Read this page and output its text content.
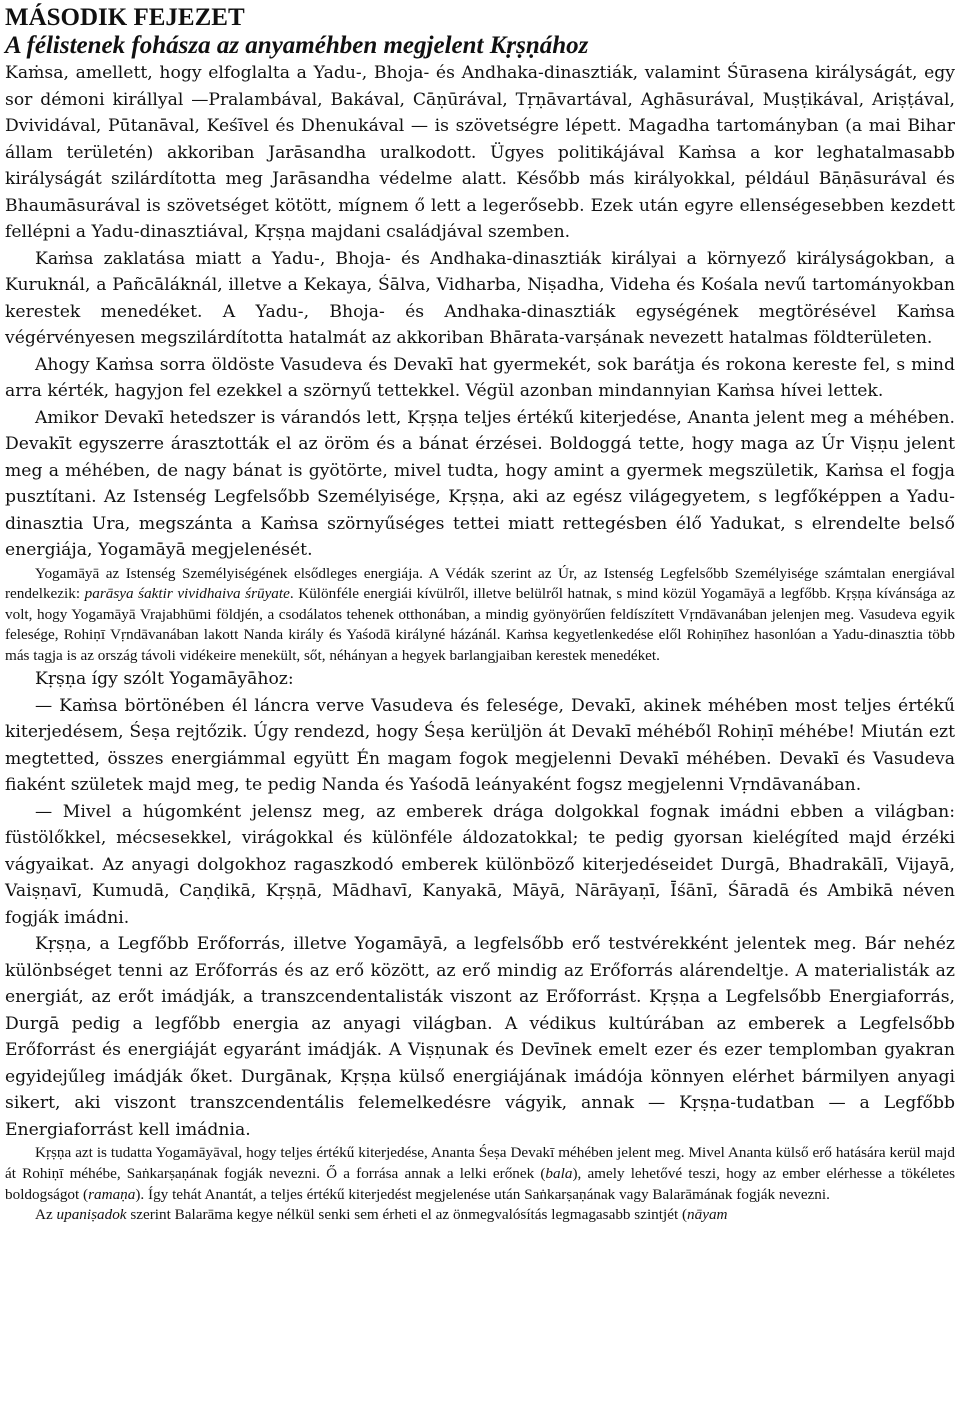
MÁSODIK FEJEZET
A félistenek fohásza az anyaméhben megjelent Kṛṣṇához

Kaṁsa, amellett, hogy elfoglalta a Yadu-, Bhoja- és Andhaka-dinasztiák, valamint Śūrasena királyságát, egy sor démoni királlyal —Pralambával, Bakával, Cāṇūrával, Tṛṇāvartával, Aghāsurával, Muṣṭikával, Ariṣṭával, Dvividával, Pūtanāval, Keśīvel és Dhenukával — is szövetségre lépett. Magadha tartományban (a mai Bihar állam területén) akkoriban Jarāsandha uralkodott. Ügyes politikájával Kaṁsa a kor leghatalmasabb királyságát szilárdította meg Jarāsandha védelme alatt. Később más királyokkal, például Bāṇāsurával és Bhaumāsurával is szövetséget kötött, mígnem ő lett a legerősebb. Ezek után egyre ellenségesebben kezdett fellépni a Yadu-dinasztiával, Kṛṣṇa majdani családjával szemben.

Kaṁsa zaklatása miatt a Yadu-, Bhoja- és Andhaka-dinasztiák királyai a környező királyságokban, a Kuruknál, a Pañcāláknál, illetve a Kekaya, Śālva, Vidharba, Niṣadha, Videha és Kośala nevű tartományokban kerestek menedéket. A Yadu-, Bhoja- és Andhaka-dinasztiák egységének megtörésével Kaṁsa végérvényesen megszilárdította hatalmát az akkoriban Bhārata-varṣának nevezett hatalmas földterületen.

Ahogy Kaṁsa sorra öldöste Vasudeva és Devakī hat gyermekét, sok barátja és rokona kereste fel, s mind arra kérték, hagyjon fel ezekkel a szörnyű tettekkel. Végül azonban mindannyian Kaṁsa hívei lettek.

Amikor Devakī hetedszer is várandós lett, Kṛṣṇa teljes értékű kiterjedése, Ananta jelent meg a méhében. Devakīt egyszerre árasztották el az öröm és a bánat érzései. Boldoggá tette, hogy maga az Úr Viṣṇu jelent meg a méhében, de nagy bánat is gyötörte, mivel tudta, hogy amint a gyermek megszületik, Kaṁsa el fogja pusztítani. Az Istenség Legfelsőbb Személyisége, Kṛṣṇa, aki az egész világegyetem, s legfőképpen a Yadu-dinasztia Ura, megszánta a Kaṁsa szörnyűséges tettei miatt rettegésben élő Yadukat, s elrendelte belső energiája, Yogamāyā megjelenését.

Yogamāyā az Istenség Személyiségének elsődleges energiája. A Védák szerint az Úr, az Istenség Legfelsőbb Személyisége számtalan energiával rendelkezik: parāsya śaktir vividhaiva śrūyate. Különféle energiái kívülről, illetve belülről hatnak, s mind közül Yogamāyā a legfőbb. Kṛṣṇa kívánsága az volt, hogy Yogamāyā Vrajabhūmi földjén, a csodálatos tehenek otthonában, a mindig gyönyörűen feldíszített Vṛndāvanában jelenjen meg. Vasudeva egyik felesége, Rohiṇī Vṛndāvanában lakott Nanda király és Yaśodā királyné házánál. Kaṁsa kegyetlenkedése elől Rohiṇīhez hasonlóan a Yadu-dinasztia több más tagja is az ország távoli vidékeire menekült, sőt, néhányan a hegyek barlangjaiban kerestek menedéket.

Kṛṣṇa így szólt Yogamāyāhoz:

— Kaṁsa börtönében él láncra verve Vasudeva és felesége, Devakī, akinek méhében most teljes értékű kiterjedésem, Śeṣa rejtőzik. Úgy rendezd, hogy Śeṣa kerüljön át Devakī méhéből Rohiṇī méhébe! Miután ezt megtetted, összes energiámmal együtt Én magam fogok megjelenni Devakī méhében. Devakī és Vasudeva fiaként születek majd meg, te pedig Nanda és Yaśodā leányaként fogsz megjelenni Vṛndāvanában.

— Mivel a húgomként jelensz meg, az emberek drága dolgokkal fognak imádni ebben a világban: füstölőkkel, mécsesekkel, virágokkal és különféle áldozatokkal; te pedig gyorsan kielégíted majd érzéki vágyaikat. Az anyagi dolgokhoz ragaszkodó emberek különböző kiterjedéseidet Durgā, Bhadrakālī, Vijayā, Vaiṣṇavī, Kumudā, Caṇḍikā, Kṛṣṇā, Mādhavī, Kanyakā, Māyā, Nārāyaṇī, Īśānī, Śāradā és Ambikā néven fogják imádni.

Kṛṣṇa, a Legfőbb Erőforrás, illetve Yogamāyā, a legfelsőbb erő testvérekként jelentek meg. Bár nehéz különbséget tenni az Erőforrás és az erő között, az erő mindig az Erőforrás alárendeltje. A materialisták az energiát, az erőt imádják, a transzcendentalisták viszont az Erőforrást. Kṛṣṇa a Legfelsőbb Energiaforrás, Durgā pedig a legfőbb energia az anyagi világban. A védikus kultúrában az emberek a Legfelsőbb Erőforrást és energiáját egyaránt imádják. A Viṣṇunak és Devīnek emelt ezer és ezer templomban gyakran egyidejűleg imádják őket. Durgānak, Kṛṣṇa külső energiájának imádója könnyen elérhet bármilyen anyagi sikert, aki viszont transzcendentális felemelkedésre vágyik, annak — Kṛṣṇa-tudatban — a Legfőbb Energiaforrást kell imádnia.

Kṛṣṇa azt is tudatta Yogamāyāval, hogy teljes értékű kiterjedése, Ananta Śeṣa Devakī méhében jelent meg. Mivel Ananta külső erő hatására kerül majd át Rohiṇī méhébe, Saṅkarṣaṇának fogják nevezni. Ő a forrása annak a lelki erőnek (bala), amely lehetővé teszi, hogy az ember elérhesse a tökéletes boldogságot (ramaṇa). Így tehát Anantát, a teljes értékű kiterjedést megjelenése után Saṅkarṣaṇának vagy Balarāmának fogják nevezni.

Az upaniṣadok szerint Balarāma kegye nélkül senki sem érheti el az önmegvalósítás legmagasabb szintjét (nāyam
